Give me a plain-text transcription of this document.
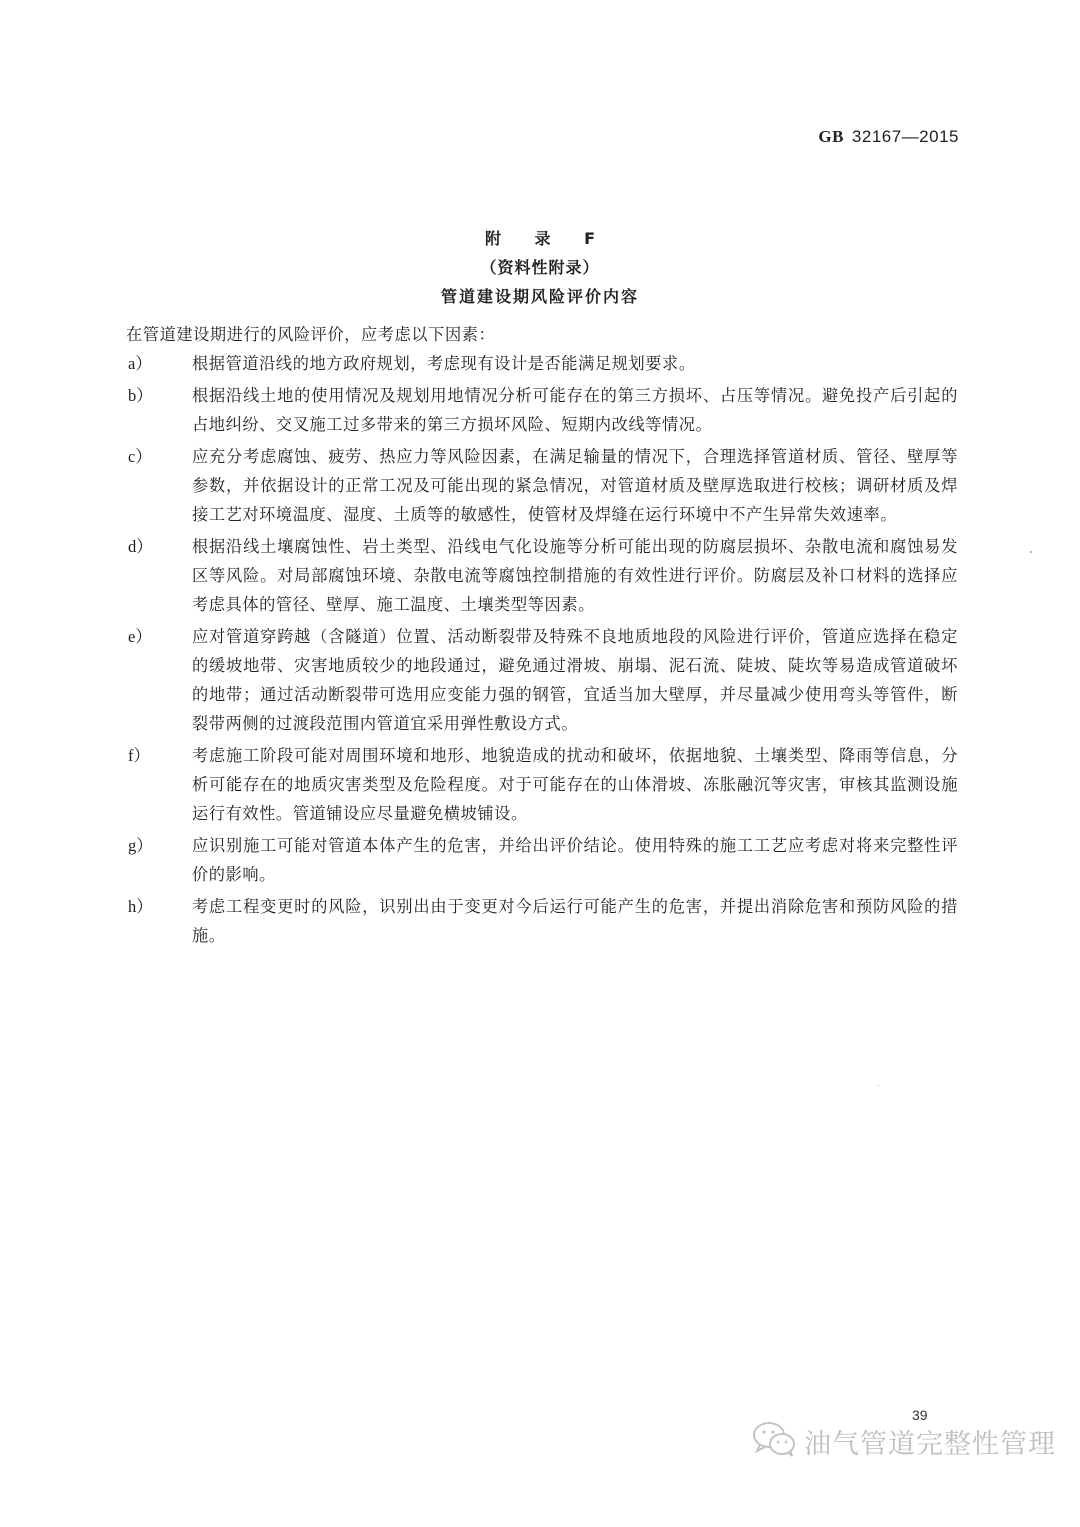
GB 32167—2015
附 录 F
（资料性附录）
管道建设期风险评价内容

在管道建设期进行的风险评价，应考虑以下因素：

a）	根据管道沿线的地方政府规划，考虑现有设计是否能满足规划要求。
b）	根据沿线土地的使用情况及规划用地情况分析可能存在的第三方损坏、占压等情况。避免投产后引起的占地纠纷、交叉施工过多带来的第三方损坏风险、短期内改线等情况。
c）	应充分考虑腐蚀、疲劳、热应力等风险因素，在满足输量的情况下，合理选择管道材质、管径、壁厚等参数，并依据设计的正常工况及可能出现的紧急情况，对管道材质及壁厚选取进行校核；调研材质及焊接工艺对环境温度、湿度、土质等的敏感性，使管材及焊缝在运行环境中不产生异常失效速率。
d）	根据沿线土壤腐蚀性、岩土类型、沿线电气化设施等分析可能出现的防腐层损坏、杂散电流和腐蚀易发区等风险。对局部腐蚀环境、杂散电流等腐蚀控制措施的有效性进行评价。防腐层及补口材料的选择应考虑具体的管径、壁厚、施工温度、土壤类型等因素。
e）	应对管道穿跨越（含隧道）位置、活动断裂带及特殊不良地质地段的风险进行评价，管道应选择在稳定的缓坡地带、灾害地质较少的地段通过，避免通过滑坡、崩塌、泥石流、陡坡、陡坎等易造成管道破坏的地带；通过活动断裂带可选用应变能力强的钢管，宜适当加大壁厚，并尽量减少使用弯头等管件，断裂带两侧的过渡段范围内管道宜采用弹性敷设方式。
f）	考虑施工阶段可能对周围环境和地形、地貌造成的扰动和破坏，依据地貌、土壤类型、降雨等信息，分析可能存在的地质灾害类型及危险程度。对于可能存在的山体滑坡、冻胀融沉等灾害，审核其监测设施运行有效性。管道铺设应尽量避免横坡铺设。
g）	应识别施工可能对管道本体产生的危害，并给出评价结论。使用特殊的施工工艺应考虑对将来完整性评价的影响。
h）	考虑工程变更时的风险，识别出由于变更对今后运行可能产生的危害，并提出消除危害和预防风险的措施。
39
油气管道完整性管理
